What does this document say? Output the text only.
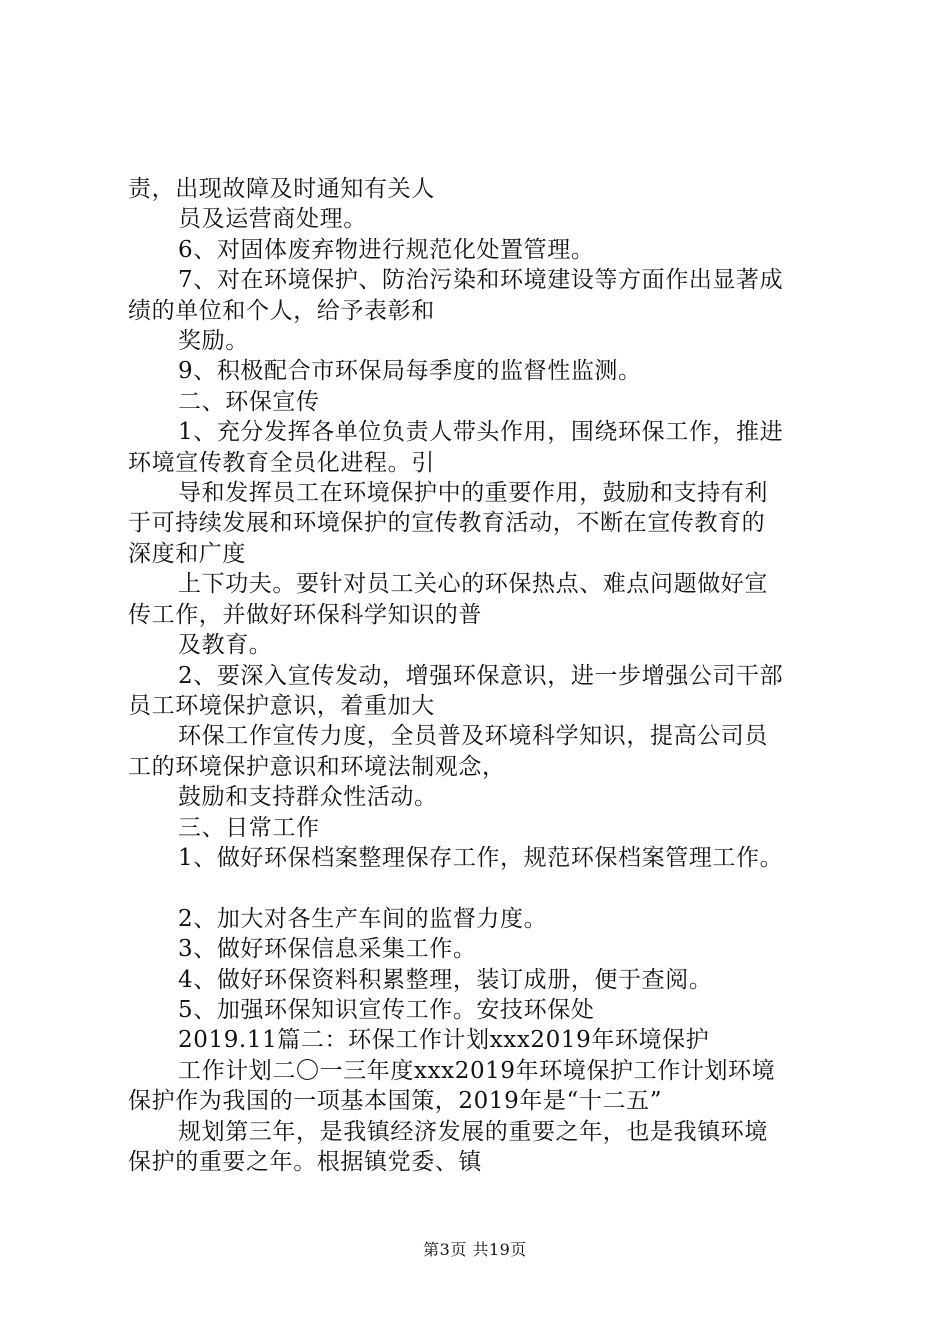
责，出现故障及时通知有关人
员及运营商处理。
6、对固体废弃物进行规范化处置管理。
7、对在环境保护、防治污染和环境建设等方面作出显著成
绩的单位和个人，给予表彰和
奖励。
9、积极配合市环保局每季度的监督性监测。
二、环保宣传
1、充分发挥各单位负责人带头作用，围绕环保工作，推进
环境宣传教育全员化进程。引
导和发挥员工在环境保护中的重要作用，鼓励和支持有利
于可持续发展和环境保护的宣传教育活动，不断在宣传教育的
深度和广度
上下功夫。要针对员工关心的环保热点、难点问题做好宣
传工作，并做好环保科学知识的普
及教育。
2、要深入宣传发动，增强环保意识，进一步增强公司干部
员工环境保护意识，着重加大
环保工作宣传力度，全员普及环境科学知识，提高公司员
工的环境保护意识和环境法制观念，
鼓励和支持群众性活动。
三、日常工作
1、做好环保档案整理保存工作，规范环保档案管理工作。
2、加大对各生产车间的监督力度。
3、做好环保信息采集工作。
4、做好环保资料积累整理，装订成册，便于查阅。
5、加强环保知识宣传工作。安技环保处
2019.11篇二：环保工作计划xxx2019年环境保护
工作计划二〇一三年度xxx2019年环境保护工作计划环境
保护作为我国的一项基本国策，2019年是“十二五”
规划第三年，是我镇经济发展的重要之年，也是我镇环境
保护的重要之年。根据镇党委、镇
第3页 共19页
